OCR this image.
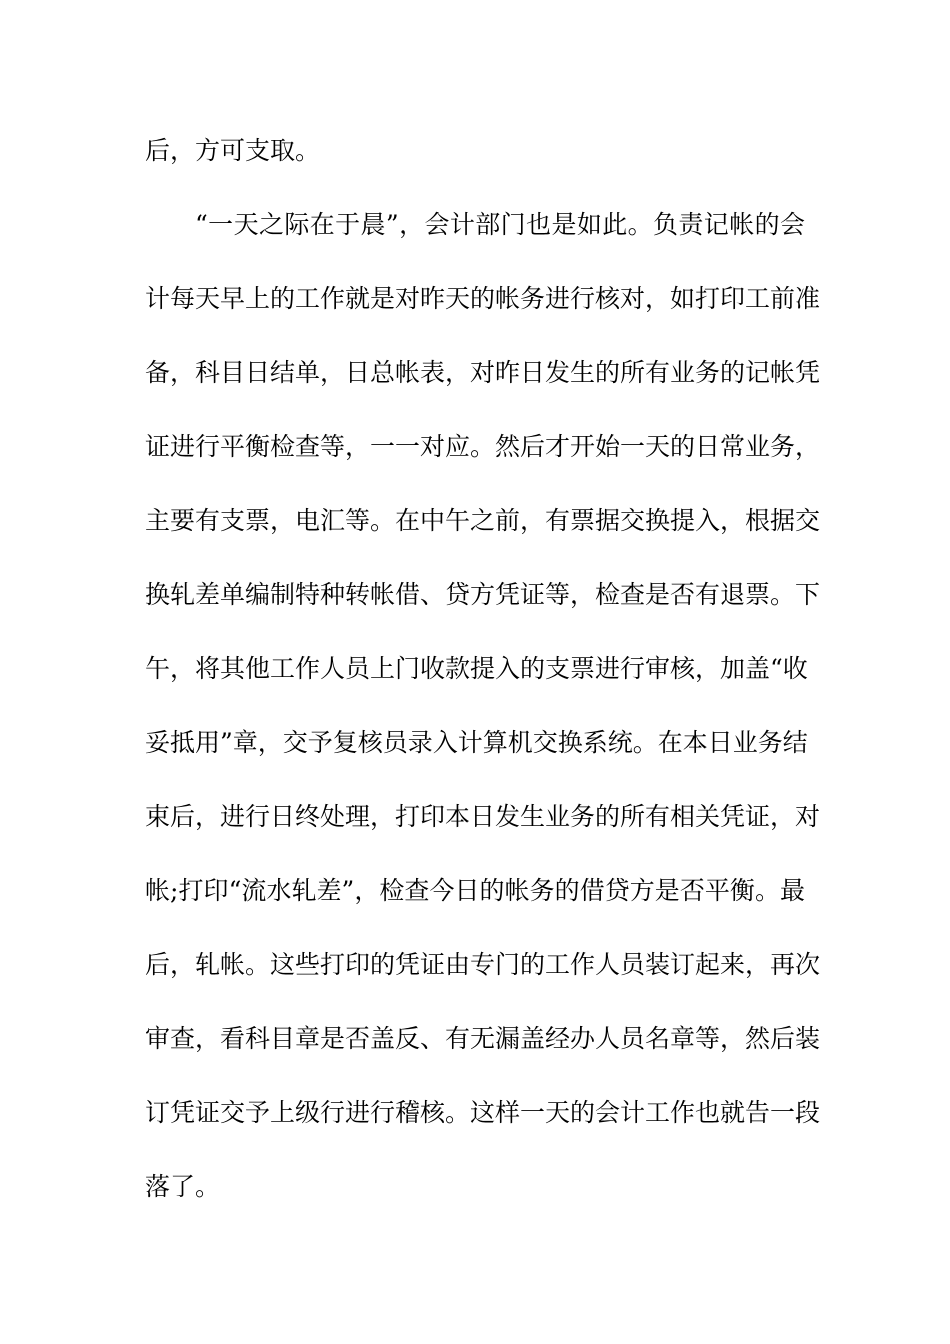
后，方可支取。
“一天之际在于晨”，会计部门也是如此。负责记帐的会
计每天早上的工作就是对昨天的帐务进行核对，如打印工前准
备，科目日结单，日总帐表，对昨日发生的所有业务的记帐凭
证进行平衡检查等，一一对应。然后才开始一天的日常业务，
主要有支票，电汇等。在中午之前，有票据交换提入，根据交
换轧差单编制特种转帐借、贷方凭证等，检查是否有退票。下
午，将其他工作人员上门收款提入的支票进行审核，加盖“收
妥抵用”章，交予复核员录入计算机交换系统。在本日业务结
束后，进行日终处理，打印本日发生业务的所有相关凭证，对
帐;打印“流水轧差”，检查今日的帐务的借贷方是否平衡。最
后，轧帐。这些打印的凭证由专门的工作人员装订起来，再次
审查，看科目章是否盖反、有无漏盖经办人员名章等，然后装
订凭证交予上级行进行稽核。这样一天的会计工作也就告一段
落了。
